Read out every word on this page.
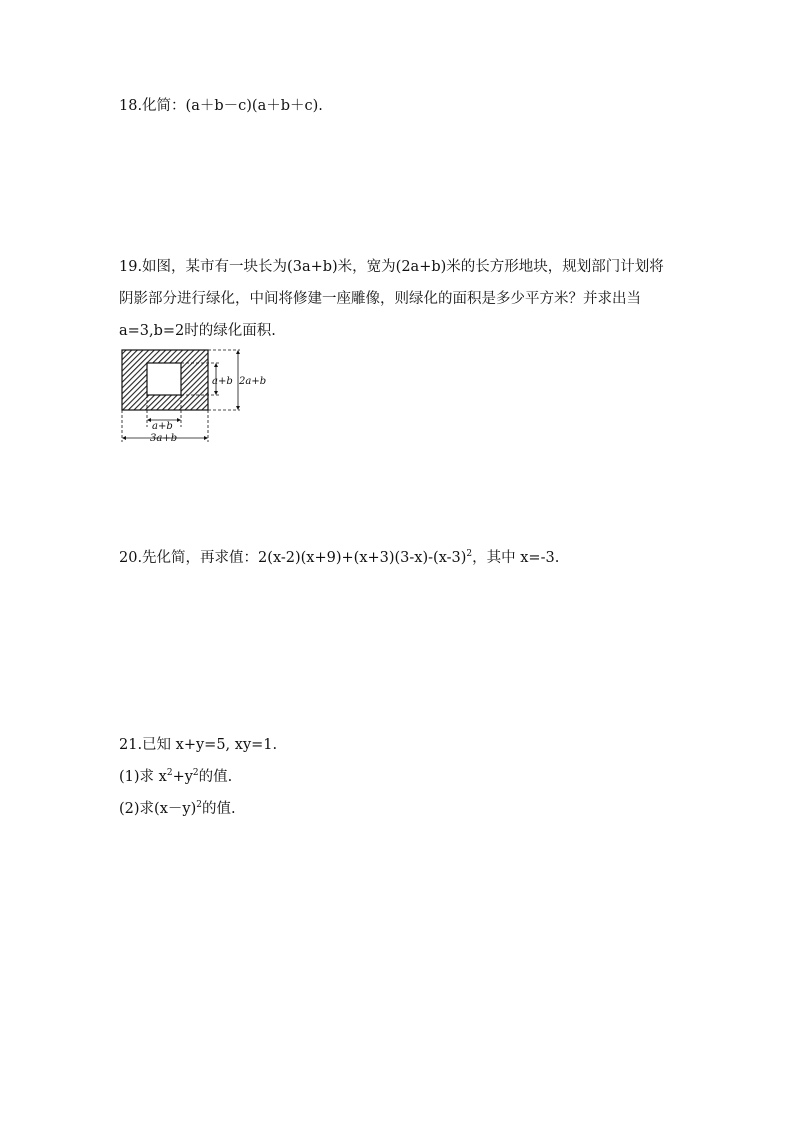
18.化简：(a＋b－c)(a＋b＋c).
19.如图，某市有一块长为(3a+b)米，宽为(2a+b)米的长方形地块，规划部门计划将
阴影部分进行绿化，中间将修建一座雕像，则绿化的面积是多少平方米？并求出当
a=3,b=2时的绿化面积.
a+b 2a+b
a+b
3a+b
20.先化简，再求值：$2(x-2)(x+9)+(x+3)(3-x)-(x-3)^2$，其中 x=-3.
21.已知 x+y=5, xy=1.
(1)求 $x^2+y^2$的值.
(2)求$(x-y)^2$的值.
